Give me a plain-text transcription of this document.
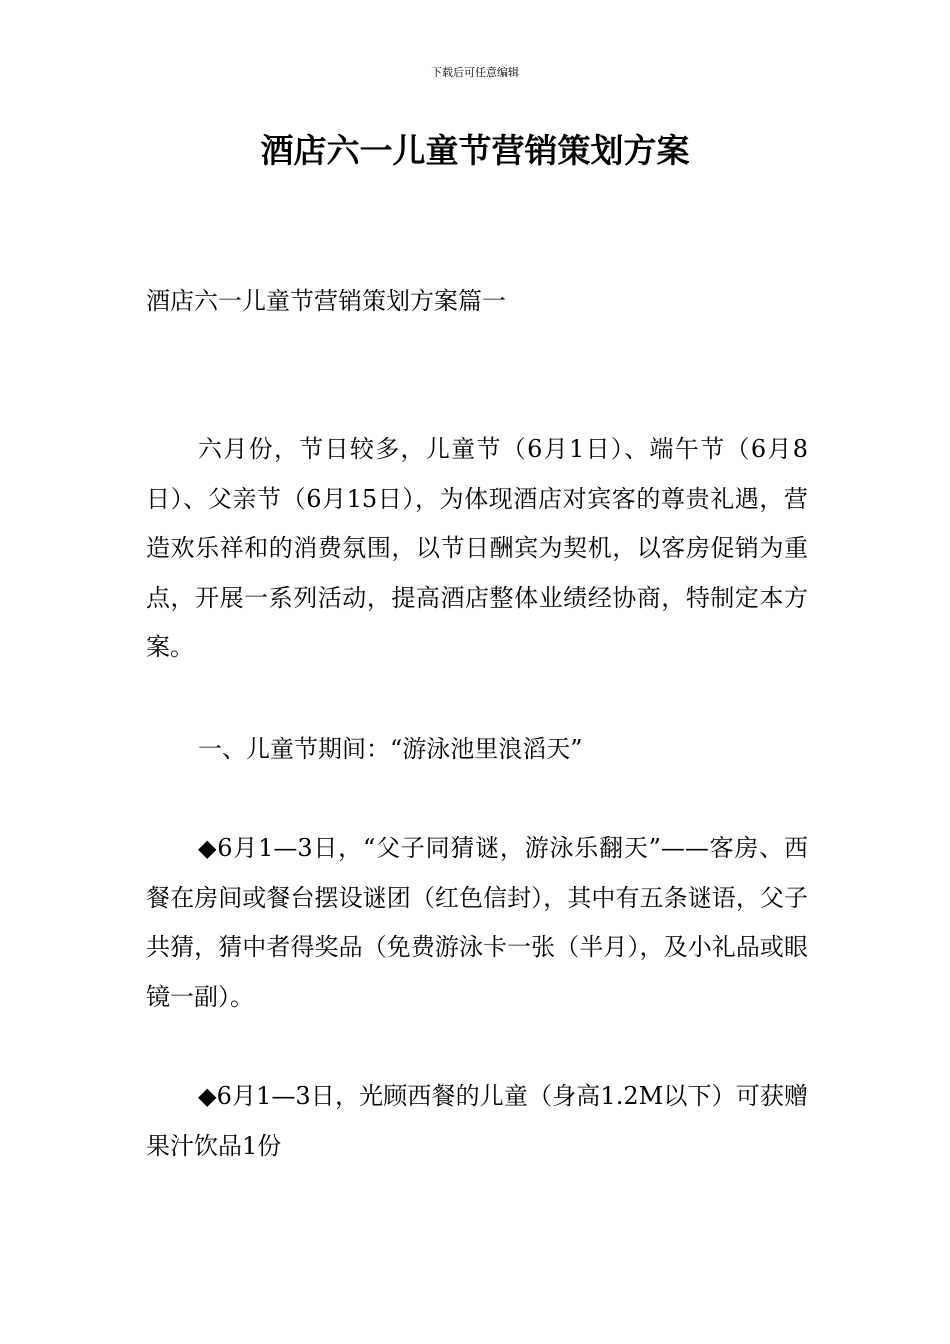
下载后可任意编辑
酒店六一儿童节营销策划方案
酒店六一儿童节营销策划方案篇一

六月份，节日较多，儿童节（6月1日）、端午节（6月8日）、父亲节（6月15日），为体现酒店对宾客的尊贵礼遇，营造欢乐祥和的消费氛围，以节日酬宾为契机，以客房促销为重点，开展一系列活动，提高酒店整体业绩经协商，特制定本方案。

一、儿童节期间：“游泳池里浪滔天”

◆6月1—3日，“父子同猜谜，游泳乐翻天”——客房、西餐在房间或餐台摆设谜团（红色信封），其中有五条谜语，父子共猜，猜中者得奖品（免费游泳卡一张（半月），及小礼品或眼镜一副）。

◆6月1—3日，光顾西餐的儿童（身高1.2M以下）可获赠果汁饮品1份
